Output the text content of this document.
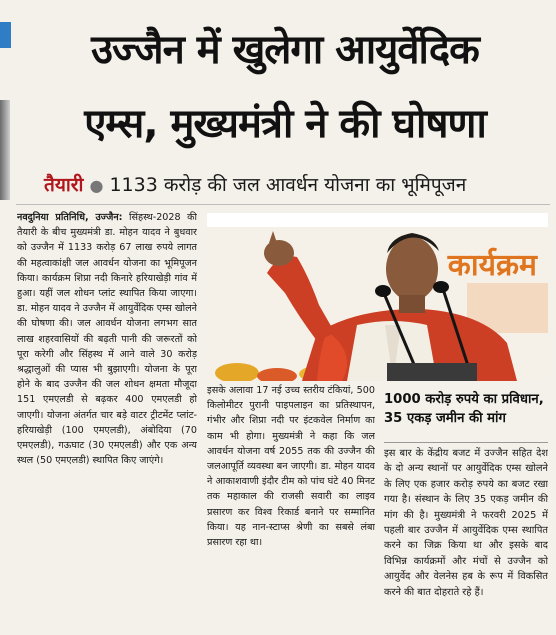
उज्जैन में खुलेगा आयुर्वेदिक
एम्स, मुख्यमंत्री ने की घोषणा
तैयारी ● 1133 करोड़ की जल आवर्धन योजना का भूमिपूजन
नवदुनिया प्रतिनिधि, उज्जैन: सिंहस्थ-2028 की तैयारी के बीच मुख्यमंत्री डा. मोहन यादव ने बुधवार को उज्जैन में 1133 करोड़ 67 लाख रुपये लागत की महत्वाकांक्षी जल आवर्धन योजना का भूमिपूजन किया। कार्यक्रम शिप्रा नदी किनारे हरियाखेड़ी गांव में हुआ। यहीं जल शोधन प्लांट स्थापित किया जाएगा। डा. मोहन यादव ने उज्जैन में आयुर्वेदिक एम्स खोलने की घोषणा की। जल आवर्धन योजना लगभग सात लाख शहरवासियों की बढ़ती पानी की जरूरतों को पूरा करेगी और सिंहस्थ में आने वाले 30 करोड़ श्रद्धालुओं की प्यास भी बुझाएगी। योजना के पूरा होने के बाद उज्जैन की जल शोधन क्षमता मौजूदा 151 एमएलडी से बढ़कर 400 एमएलडी हो जाएगी। योजना अंतर्गत चार बड़े वाटर ट्रीटमेंट प्लांट- हरियाखेड़ी (100 एमएलडी), अंबोदिया (70 एमएलडी), गऊघाट (30 एमएलडी) और एक अन्य स्थल (50 एमएलडी) स्थापित किए जाएंगे।
कार्यक्रम
इसके अलावा 17 नई उच्च स्तरीय टंकियां, 500 किलोमीटर पुरानी पाइपलाइन का प्रतिस्थापन, गंभीर और शिप्रा नदी पर इंटकवेल निर्माण का काम भी होगा। मुख्यमंत्री ने कहा कि जल आवर्धन योजना वर्ष 2055 तक की उज्जैन की जलआपूर्ति व्यवस्था बन जाएगी। डा. मोहन यादव ने आकाशवाणी इंदौर टीम को पांच घंटे 40 मिनट तक महाकाल की राजसी सवारी का लाइव प्रसारण कर विश्व रिकार्ड बनाने पर सम्मानित किया। यह नान-स्टाप्स श्रेणी का सबसे लंबा प्रसारण रहा था।
1000 करोड़ रुपये का प्रविधान, 35 एकड़ जमीन की मांग
इस बार के केंद्रीय बजट में उज्जैन सहित देश के दो अन्य स्थानों पर आयुर्वेदिक एम्स खोलने के लिए एक हजार करोड़ रुपये का बजट रखा गया है। संस्थान के लिए 35 एकड़ जमीन की मांग की है। मुख्यमंत्री ने फरवरी 2025 में पहली बार उज्जैन में आयुर्वेदिक एम्स स्थापित करने का जिक्र किया था और इसके बाद विभिन्न कार्यक्रमों और मंचों से उज्जैन को आयुर्वेद और वेलनेस हब के रूप में विकसित करने की बात दोहराते रहे हैं।
